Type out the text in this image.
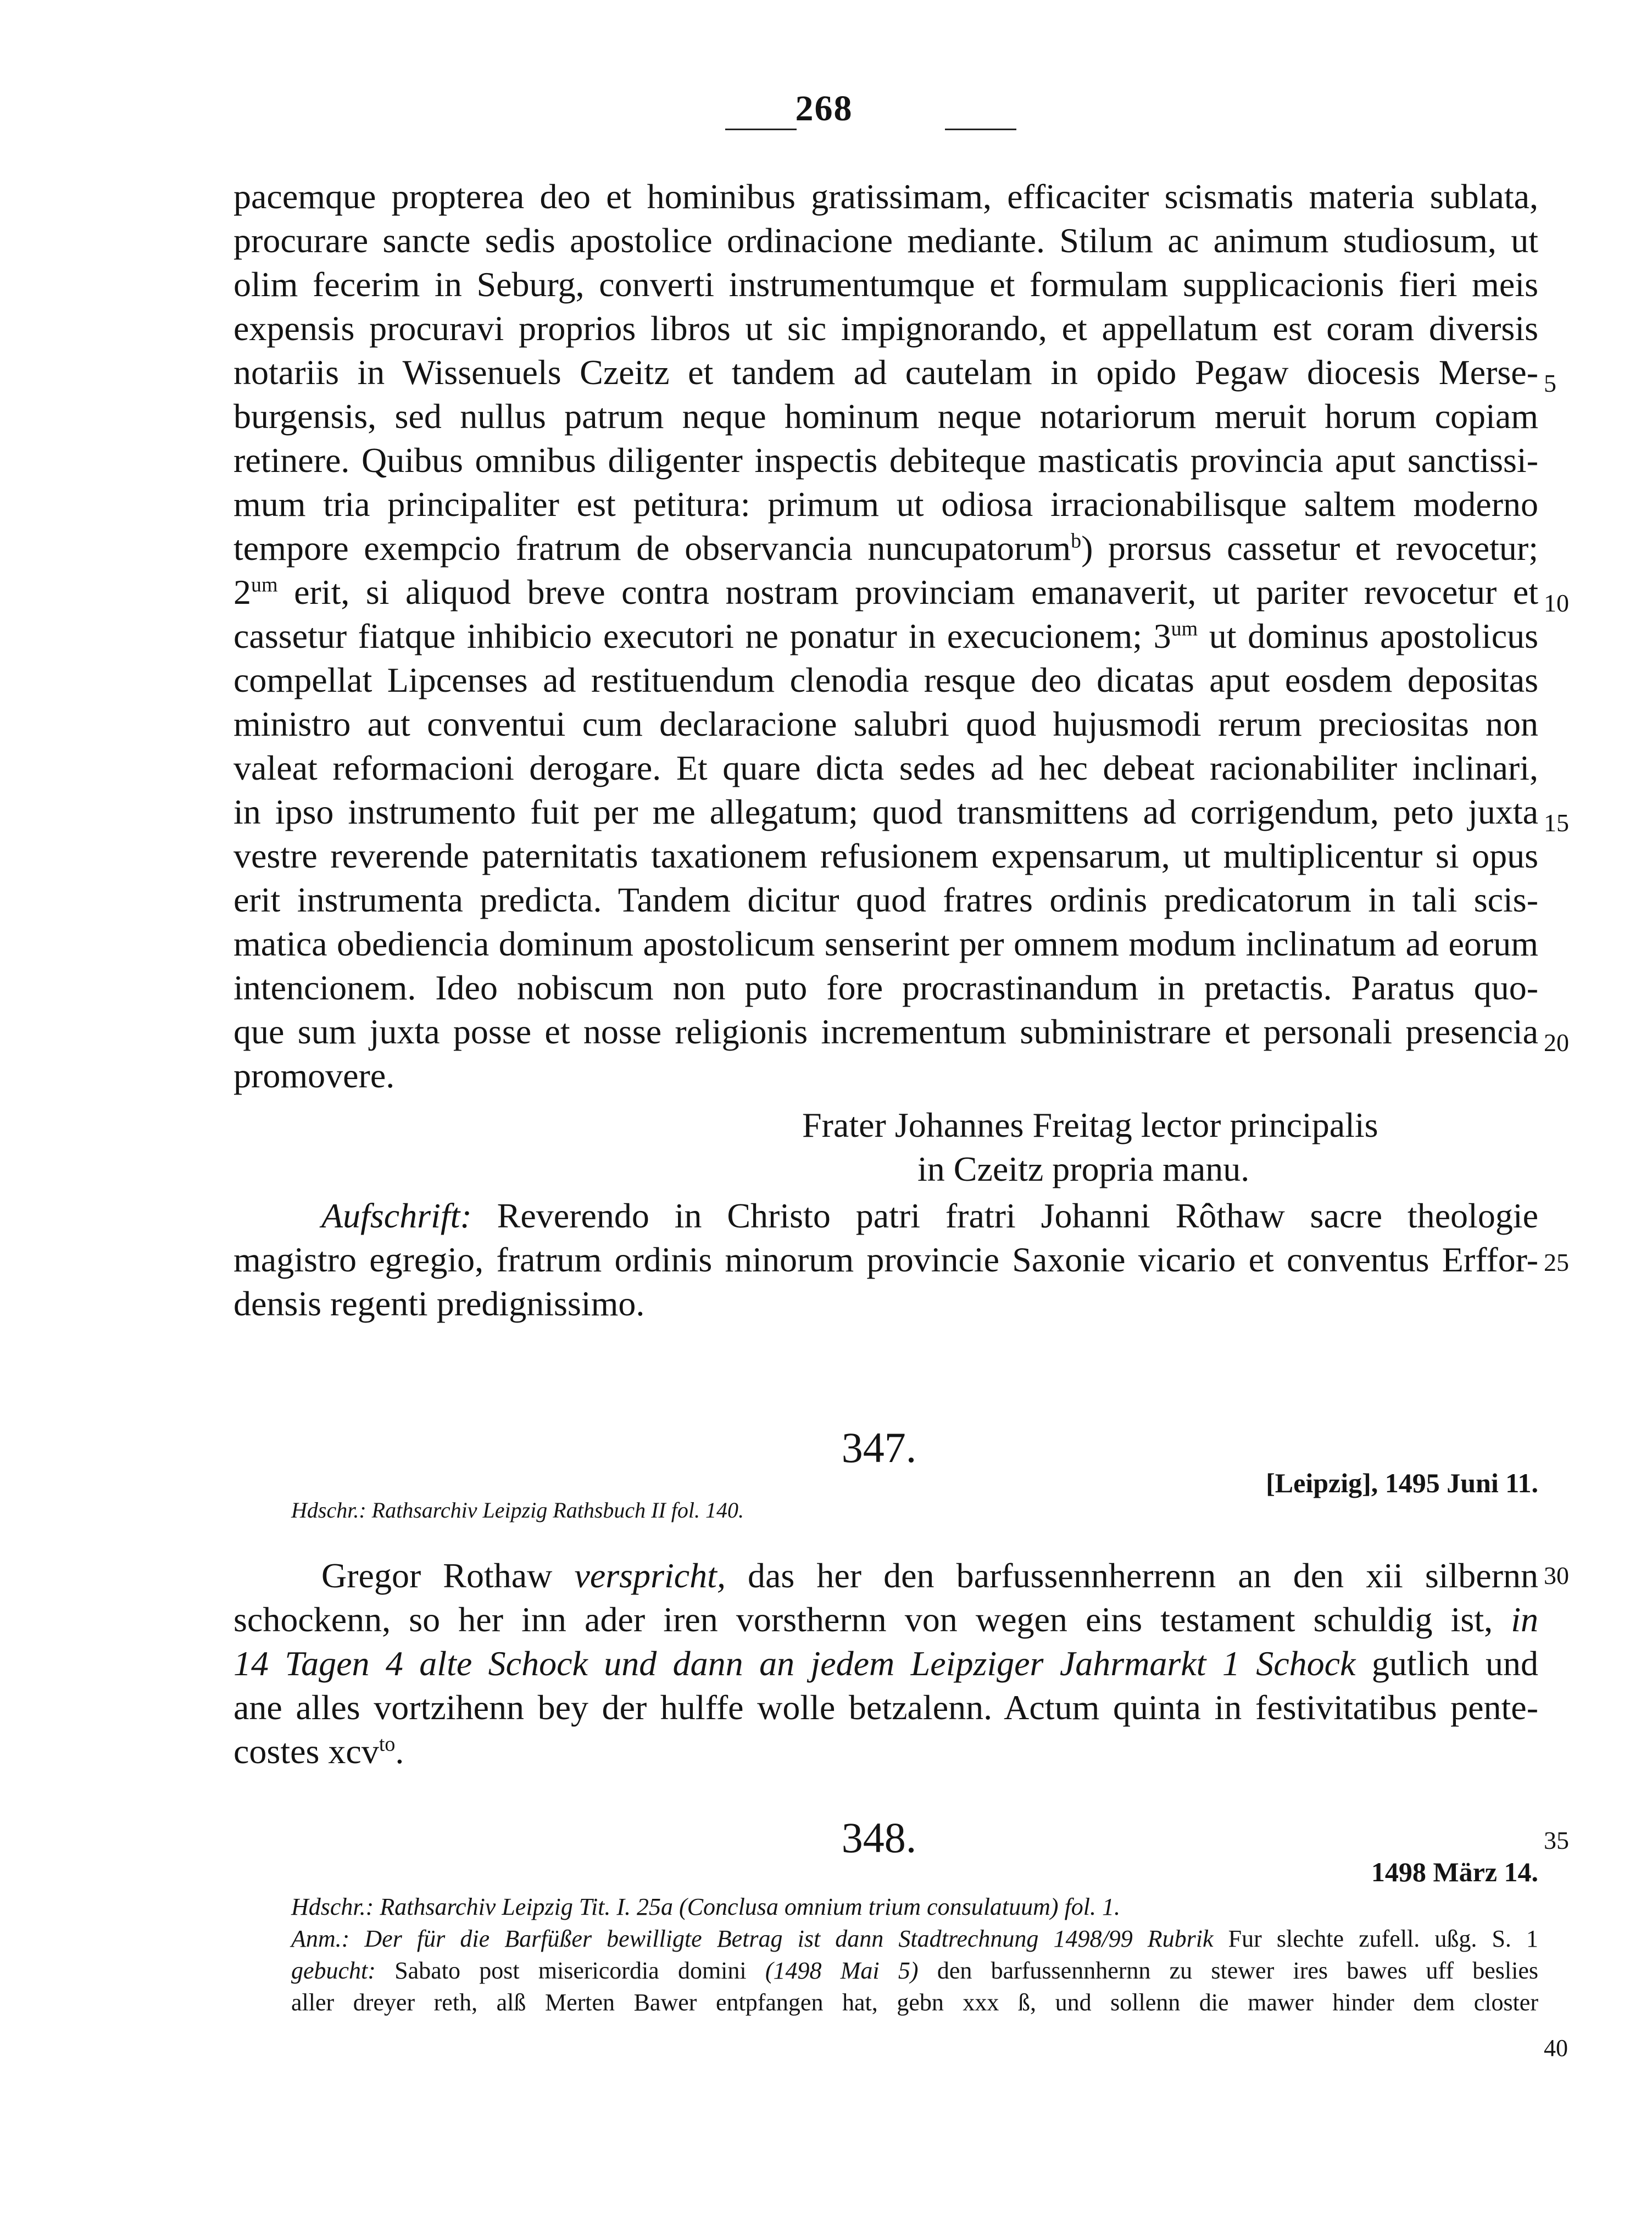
268
pacemque propterea deo et hominibus gratissimam, efficaciter scismatis materia sublata,
procurare sancte sedis apostolice ordinacione mediante. Stilum ac animum studiosum, ut
olim fecerim in Seburg, converti instrumentumque et formulam supplicacionis fieri meis
expensis procuravi proprios libros ut sic impignorando, et appellatum est coram diversis
notariis in Wissenuels Czeitz et tandem ad cautelam in opido Pegaw diocesis Merse-
burgensis, sed nullus patrum neque hominum neque notariorum meruit horum copiam
retinere. Quibus omnibus diligenter inspectis debiteque masticatis provincia aput sanctissi-
mum tria principaliter est petitura: primum ut odiosa irracionabilisque saltem moderno
tempore exempcio fratrum de observancia nuncupatorum$^b$) prorsus cassetur et revocetur;
$2^{um}$ erit, si aliquod breve contra nostram provinciam emanaverit, ut pariter revocetur et
cassetur fiatque inhibicio executori ne ponatur in execucionem; $3^{um}$ ut dominus apostolicus
compellat Lipcenses ad restituendum clenodia resque deo dicatas aput eosdem depositas
ministro aut conventui cum declaracione salubri quod hujusmodi rerum preciositas non
valeat reformacioni derogare. Et quare dicta sedes ad hec debeat racionabiliter inclinari,
in ipso instrumento fuit per me allegatum; quod transmittens ad corrigendum, peto juxta
vestre reverende paternitatis taxationem refusionem expensarum, ut multiplicentur si opus
erit instrumenta predicta. Tandem dicitur quod fratres ordinis predicatorum in tali scis-
matica obediencia dominum apostolicum senserint per omnem modum inclinatum ad eorum
intencionem. Ideo nobiscum non puto fore procrastinandum in pretactis. Paratus quo-
que sum juxta posse et nosse religionis incrementum subministrare et personali presencia
promovere.
Frater Johannes Freitag lector principalis
in Czeitz propria manu.
Aufschrift: Reverendo in Christo patri fratri Johanni Rôthaw sacre theologie
magistro egregio, fratrum ordinis minorum provincie Saxonie vicario et conventus Erffor-
densis regenti predignissimo.
5
10
15
20
25
30
35
40
347.
[Leipzig], 1495 Juni 11.
Hdschr.: Rathsarchiv Leipzig Rathsbuch II fol. 140.
Gregor Rothaw verspricht, das her den barfussennherrenn an den xii silbernn
schockenn, so her inn ader iren vorsthernn von wegen eins testament schuldig ist, in
14 Tagen 4 alte Schock und dann an jedem Leipziger Jahrmarkt 1 Schock gutlich und
ane alles vortzihenn bey der hulffe wolle betzalenn. Actum quinta in festivitatibus pente-
costes xcv$^{to}$.
348.
1498 März 14.
Hdschr.: Rathsarchiv Leipzig Tit. I. 25a (Conclusa omnium trium consulatuum) fol. 1.
Anm.: Der für die Barfüßer bewilligte Betrag ist dann Stadtrechnung 1498/99 Rubrik Fur slechte zufell. ußg. S. 1
gebucht: Sabato post misericordia domini (1498 Mai 5) den barfussennhernn zu stewer ires bawes uff beslies
aller dreyer reth, alß Merten Bawer entpfangen hat, gebn xxx ß, und sollenn die mawer hinder dem closter
